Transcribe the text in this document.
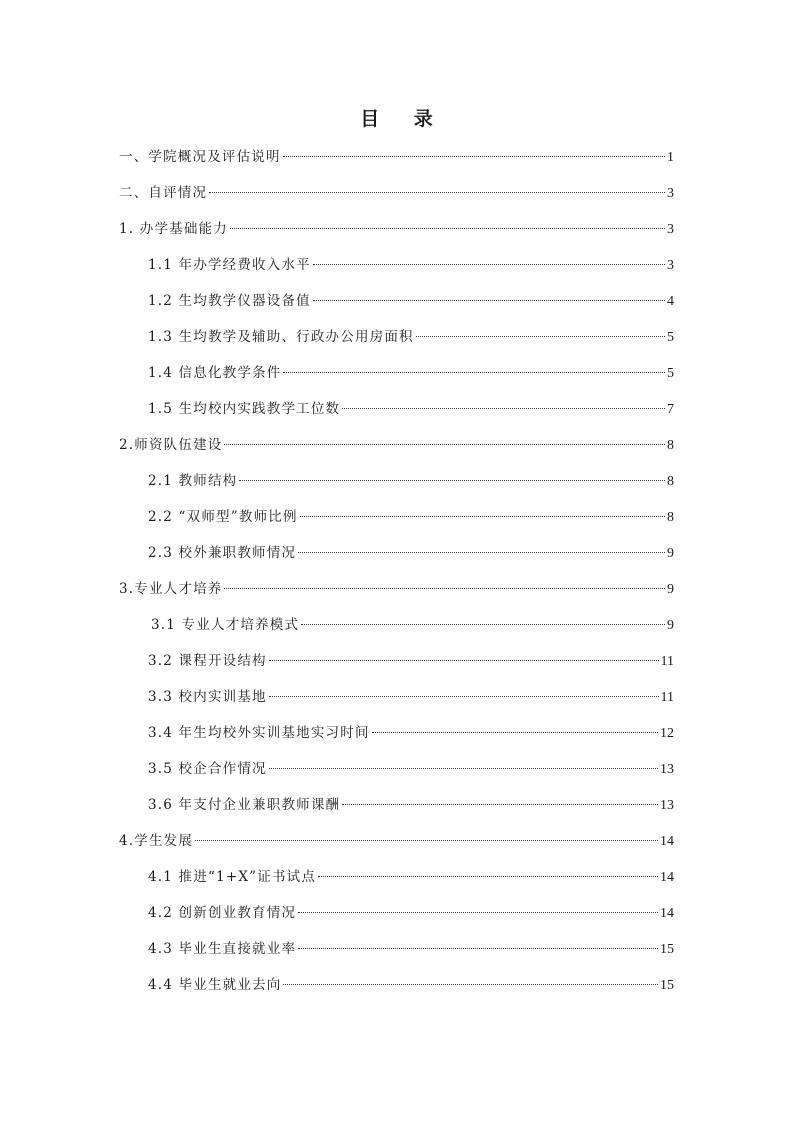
目 录
一、学院概况及评估说明	1
二、自评情况	3
1. 办学基础能力	3
1.1 年办学经费收入水平	3
1.2 生均教学仪器设备值	4
1.3 生均教学及辅助、行政办公用房面积	5
1.4 信息化教学条件	5
1.5 生均校内实践教学工位数	7
2.师资队伍建设	8
2.1 教师结构	8
2.2 “双师型”教师比例	8
2.3 校外兼职教师情况	9
3.专业人才培养	9
3.1 专业人才培养模式	9
3.2 课程开设结构	11
3.3 校内实训基地	11
3.4 年生均校外实训基地实习时间	12
3.5 校企合作情况	13
3.6 年支付企业兼职教师课酬	13
4.学生发展	14
4.1 推进“1+X”证书试点	14
4.2 创新创业教育情况	14
4.3 毕业生直接就业率	15
4.4 毕业生就业去向	15
